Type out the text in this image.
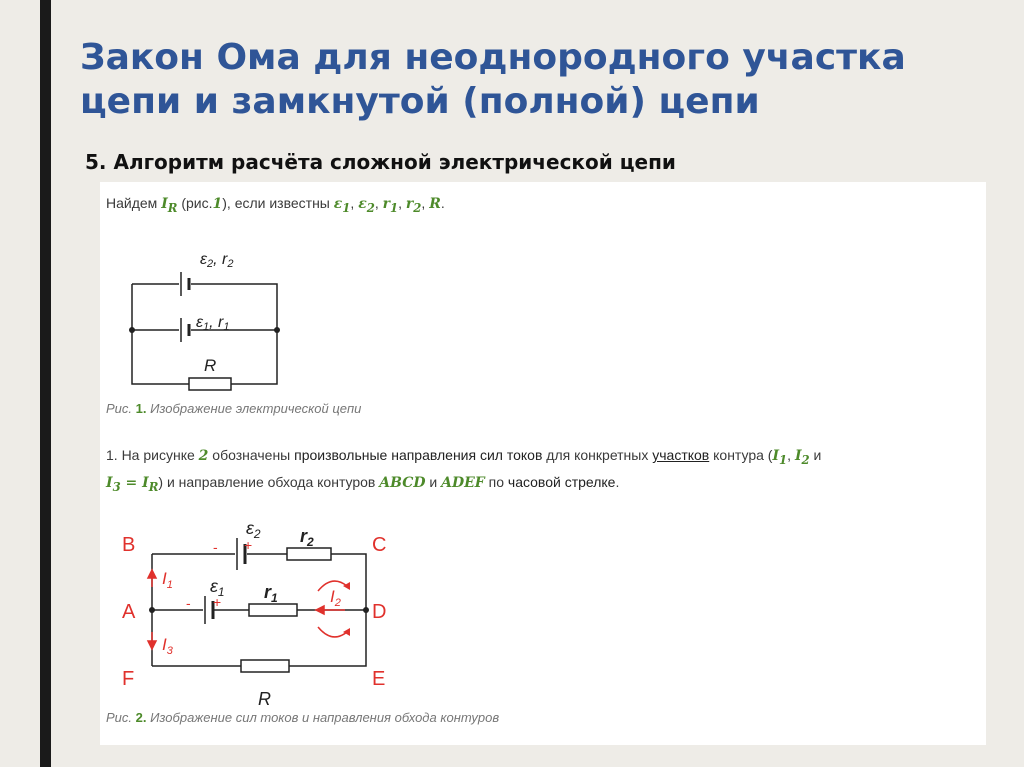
Закон Ома для неоднородного участка цепи и замкнутой (полной) цепи
5. Алгоритм расчёта сложной электрической цепи
Найдем $I_R$ (рис.1), если известны $\varepsilon_1$, $\varepsilon_2$, $r_1$, $r_2$, R.
ε2, r2
ε1, r1
R
Рис. 1. Изображение электрической цепи
1. На рисунке 2 обозначены произвольные направления сил токов для конкретных участков контура ($I_1$, $I_2$ и
$I_3 = I_R$) и направление обхода контуров ABCD и ADEF по часовой стрелке.
B	C
A	D
F	E
- +
- +
$\varepsilon_2$
$\varepsilon_1$
$r_2$
$r_1$
R
$I_1$
$I_3$
$I_2$
Рис. 2. Изображение сил токов и направления обхода контуров
